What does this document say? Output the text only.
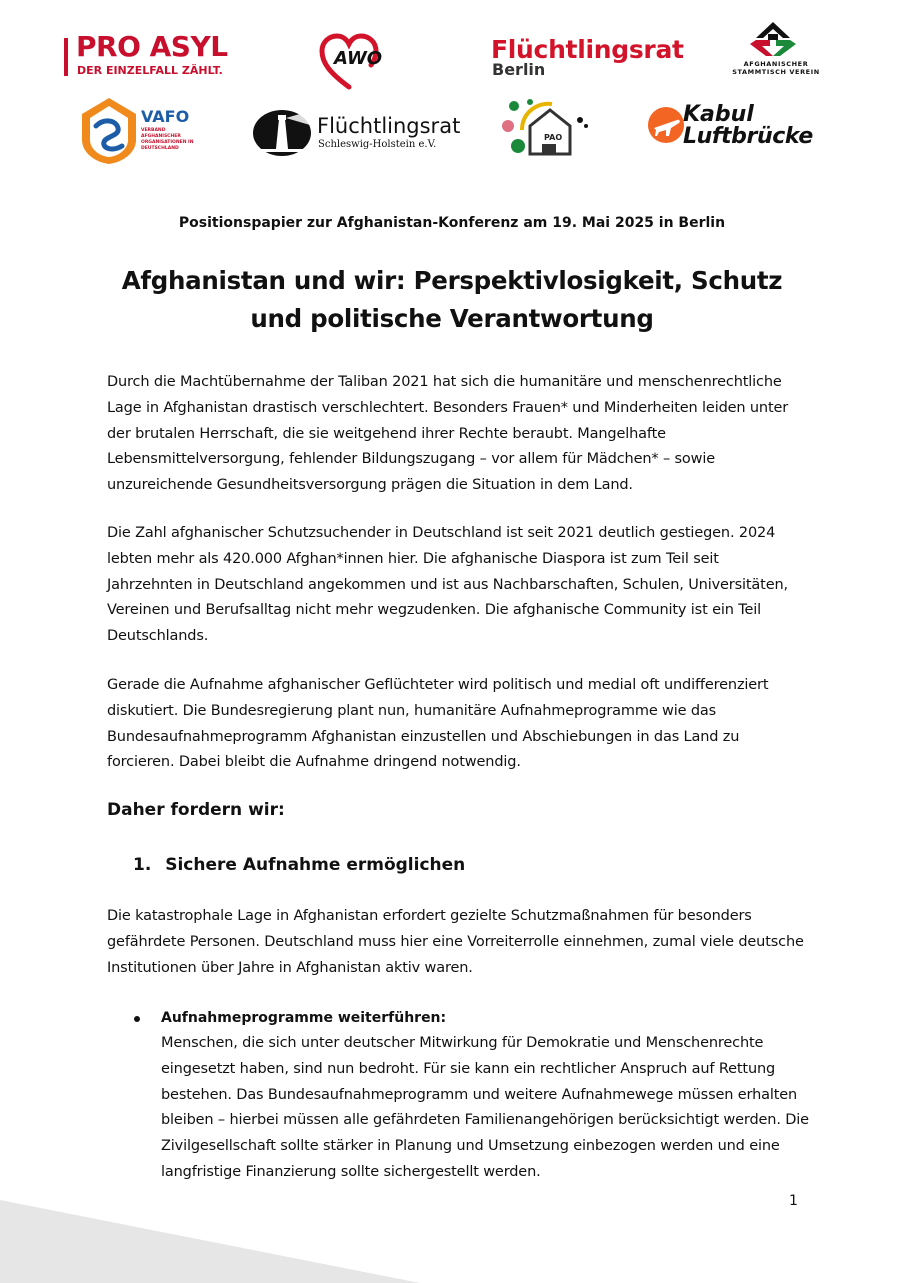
PRO ASYL
DER EINZELFALL ZÄHLT.
AWO	Flüchtlingsrat
Berlin	AFGHANISCHER STAMMTISCH VEREIN
VAFO
VERBAND AFGHANISCHER ORGANISATIONEN IN DEUTSCHLAND
Flüchtlingsrat
Schleswig-Holstein e.V.
PAO
Kabul
Luftbrücke
Positionspapier zur Afghanistan-Konferenz am 19. Mai 2025 in Berlin
Afghanistan und wir: Perspektivlosigkeit, Schutz und politische Verantwortung
Durch die Machtübernahme der Taliban 2021 hat sich die humanitäre und menschenrechtliche Lage in Afghanistan drastisch verschlechtert. Besonders Frauen* und Minderheiten leiden unter der brutalen Herrschaft, die sie weitgehend ihrer Rechte beraubt. Mangelhafte Lebensmittelversorgung, fehlender Bildungszugang – vor allem für Mädchen* – sowie unzureichende Gesundheitsversorgung prägen die Situation in dem Land.
Die Zahl afghanischer Schutzsuchender in Deutschland ist seit 2021 deutlich gestiegen. 2024 lebten mehr als 420.000 Afghan*innen hier. Die afghanische Diaspora ist zum Teil seit Jahrzehnten in Deutschland angekommen und ist aus Nachbarschaften, Schulen, Universitäten, Vereinen und Berufsalltag nicht mehr wegzudenken. Die afghanische Community ist ein Teil Deutschlands.
Gerade die Aufnahme afghanischer Geflüchteter wird politisch und medial oft undifferenziert diskutiert. Die Bundesregierung plant nun, humanitäre Aufnahmeprogramme wie das Bundesaufnahmeprogramm Afghanistan einzustellen und Abschiebungen in das Land zu forcieren. Dabei bleibt die Aufnahme dringend notwendig.
Daher fordern wir:
1. Sichere Aufnahme ermöglichen
Die katastrophale Lage in Afghanistan erfordert gezielte Schutzmaßnahmen für besonders gefährdete Personen. Deutschland muss hier eine Vorreiterrolle einnehmen, zumal viele deutsche Institutionen über Jahre in Afghanistan aktiv waren.
Aufnahmeprogramme weiterführen:
Menschen, die sich unter deutscher Mitwirkung für Demokratie und Menschenrechte eingesetzt haben, sind nun bedroht. Für sie kann ein rechtlicher Anspruch auf Rettung bestehen. Das Bundesaufnahmeprogramm und weitere Aufnahmewege müssen erhalten bleiben – hierbei müssen alle gefährdeten Familienangehörigen berücksichtigt werden. Die Zivilgesellschaft sollte stärker in Planung und Umsetzung einbezogen werden und eine langfristige Finanzierung sollte sichergestellt werden.
1
